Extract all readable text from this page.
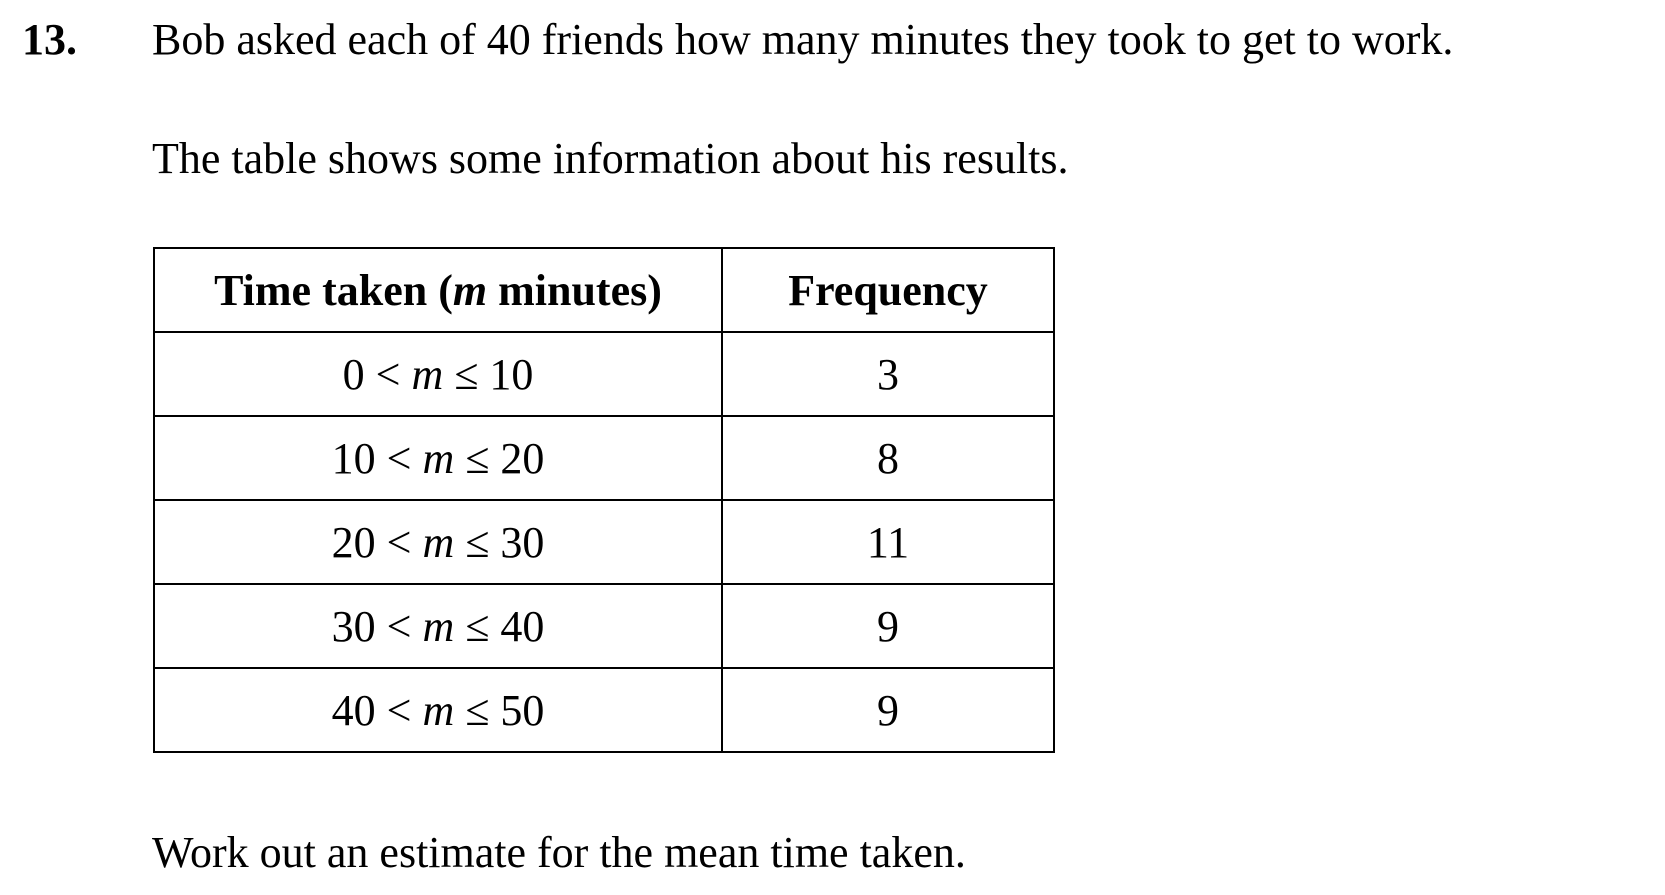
13. Bob asked each of 40 friends how many minutes they took to get to work.
The table shows some information about his results.
Time taken (m minutes)	Frequency
0 < m ≤ 10	3
10 < m ≤ 20	8
20 < m ≤ 30	11
30 < m ≤ 40	9
40 < m ≤ 50	9
Work out an estimate for the mean time taken.
